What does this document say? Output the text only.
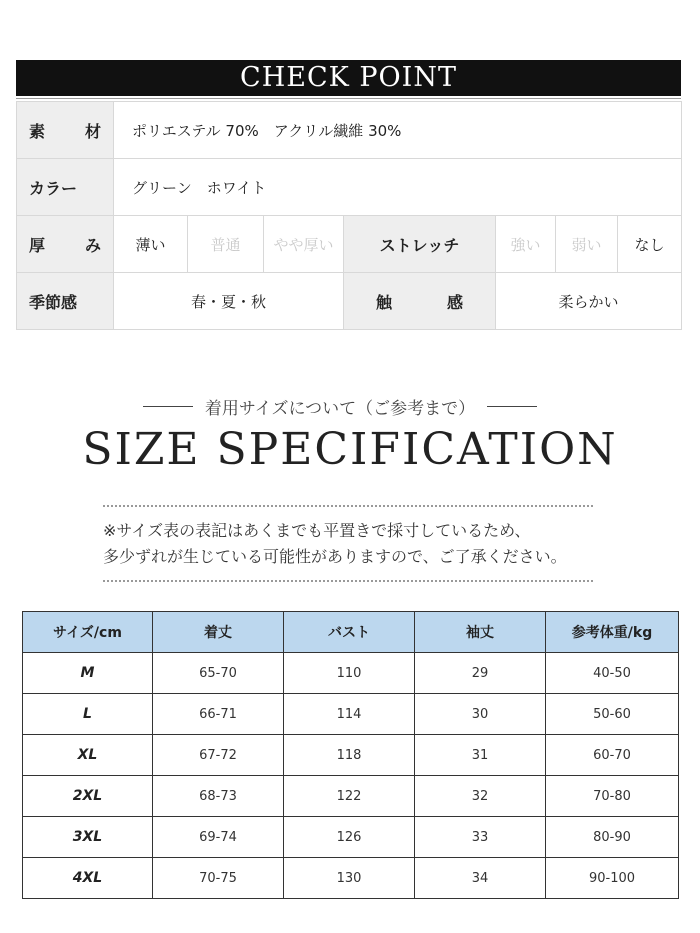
CHECK POINT
素 材	ポリエステル 70%　アクリル繊維 30%						
カラー	グリーン　ホワイト						

厚 み	薄い	普通	やや厚い	ストレッチ	強い	弱い	なし
季節感	春・夏・秋			触 感	柔らかい		
着用サイズについて（ご参考まで）
SIZE SPECIFICATION
※サイズ表の表記はあくまでも平置きで採寸しているため、
多少ずれが生じている可能性がありますので、ご了承ください。
サイズ/cm	着丈	バスト	袖丈	参考体重/kg
M	65-70	110	29	40-50
L	66-71	114	30	50-60
XL	67-72	118	31	60-70
2XL	68-73	122	32	70-80
3XL	69-74	126	33	80-90
4XL	70-75	130	34	90-100
